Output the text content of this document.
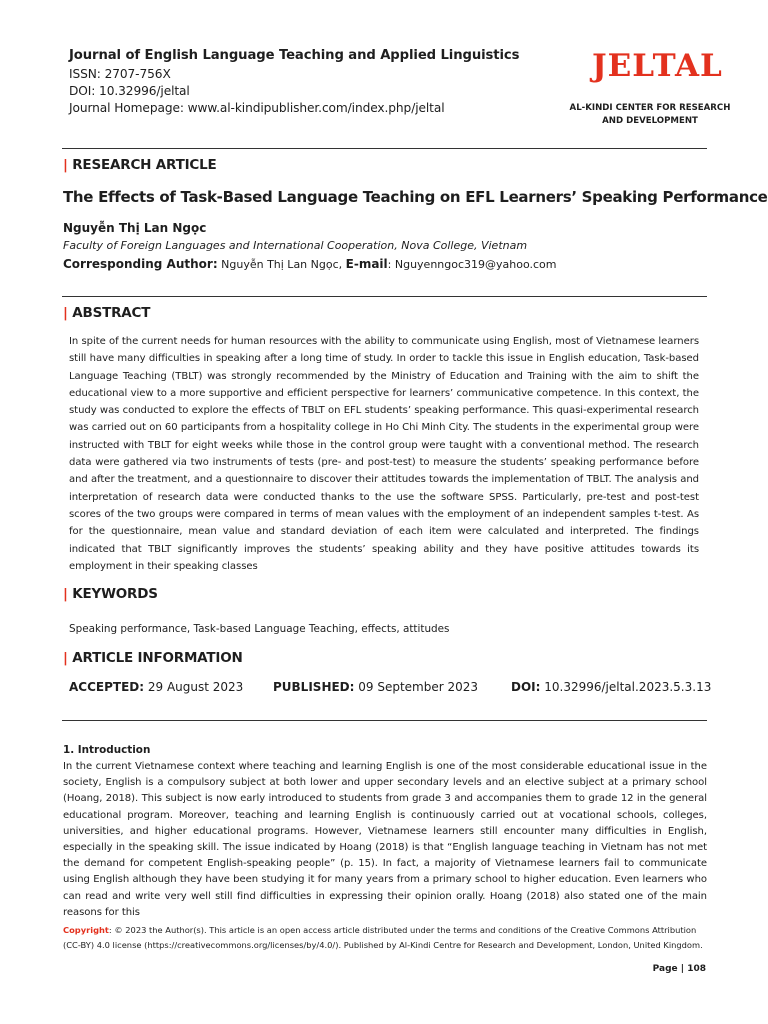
Journal of English Language Teaching and Applied Linguistics
ISSN: 2707-756X
DOI: 10.32996/jeltal
Journal Homepage: www.al-kindipublisher.com/index.php/jeltal
JELTAL
AL-KINDI CENTER FOR RESEARCH
AND DEVELOPMENT
| RESEARCH ARTICLE
The Effects of Task-Based Language Teaching on EFL Learners’ Speaking Performance
Nguyễn Thị Lan Ngọc
Faculty of Foreign Languages and International Cooperation, Nova College, Vietnam
Corresponding Author: Nguyễn Thị Lan Ngọc, E-mail: Nguyenngoc319@yahoo.com
| ABSTRACT
In spite of the current needs for human resources with the ability to communicate using English, most of Vietnamese learners still have many difficulties in speaking after a long time of study. In order to tackle this issue in English education, Task-based Language Teaching (TBLT) was strongly recommended by the Ministry of Education and Training with the aim to shift the educational view to a more supportive and efficient perspective for learners’ communicative competence. In this context, the study was conducted to explore the effects of TBLT on EFL students’ speaking performance. This quasi-experimental research was carried out on 60 participants from a hospitality college in Ho Chi Minh City. The students in the experimental group were instructed with TBLT for eight weeks while those in the control group were taught with a conventional method. The research data were gathered via two instruments of tests (pre- and post-test) to measure the students’ speaking performance before and after the treatment, and a questionnaire to discover their attitudes towards the implementation of TBLT. The analysis and interpretation of research data were conducted thanks to the use the software SPSS. Particularly, pre-test and post-test scores of the two groups were compared in terms of mean values with the employment of an independent samples t-test. As for the questionnaire, mean value and standard deviation of each item were calculated and interpreted. The findings indicated that TBLT significantly improves the students’ speaking ability and they have positive attitudes towards its employment in their speaking classes
| KEYWORDS
Speaking performance, Task-based Language Teaching, effects, attitudes
| ARTICLE INFORMATION
ACCEPTED: 29 August 2023 PUBLISHED: 09 September 2023	DOI: 10.32996/jeltal.2023.5.3.13
1. Introduction
In the current Vietnamese context where teaching and learning English is one of the most considerable educational issue in the society, English is a compulsory subject at both lower and upper secondary levels and an elective subject at a primary school (Hoang, 2018). This subject is now early introduced to students from grade 3 and accompanies them to grade 12 in the general educational program. Moreover, teaching and learning English is continuously carried out at vocational schools, colleges, universities, and higher educational programs. However, Vietnamese learners still encounter many difficulties in English, especially in the speaking skill. The issue indicated by Hoang (2018) is that “English language teaching in Vietnam has not met the demand for competent English-speaking people” (p. 15). In fact, a majority of Vietnamese learners fail to communicate using English although they have been studying it for many years from a primary school to higher education. Even learners who can read and write very well still find difficulties in expressing their opinion orally. Hoang (2018) also stated one of the main reasons for this
Copyright: © 2023 the Author(s). This article is an open access article distributed under the terms and conditions of the Creative Commons Attribution (CC-BY) 4.0 license (https://creativecommons.org/licenses/by/4.0/). Published by Al-Kindi Centre for Research and Development, London, United Kingdom.
Page | 108
